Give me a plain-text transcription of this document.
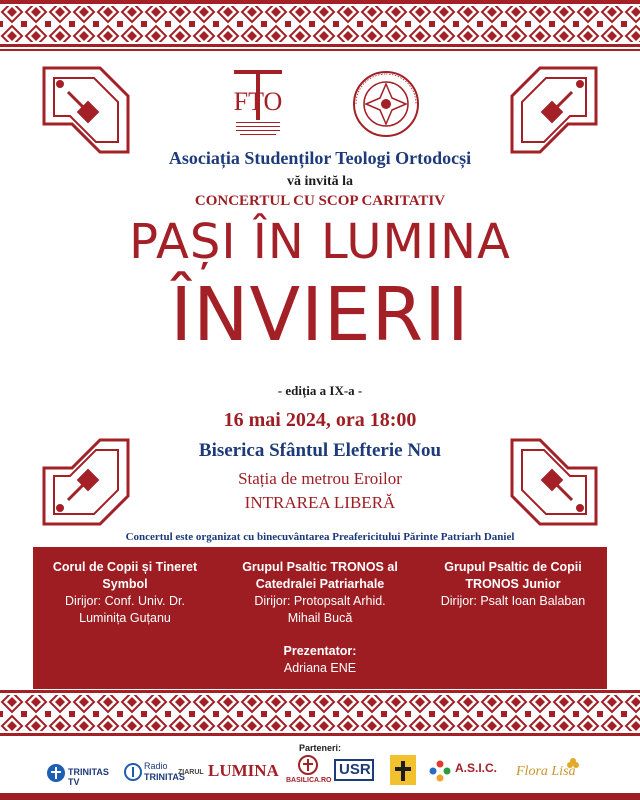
FTO
Asociația Studenților Teologi Ortodocși
vă invită la
CONCERTUL CU SCOP CARITATIV
PAȘI ÎN LUMINA
ÎNVIERII
- ediția a IX-a -
16 mai 2024, ora 18:00
Biserica Sfântul Elefterie Nou
Stația de metrou Eroilor
INTRAREA LIBERĂ
Concertul este organizat cu binecuvântarea Preafericitului Părinte Patriarh Daniel
Corul de Copii și Tineret
Symbol
Dirijor: Conf. Univ. Dr.
Luminița Guțanu
Grupul Psaltic TRONOS al
Catedralei Patriarhale
Dirijor: Protopsalt Arhid.
Mihail Bucă
Grupul Psaltic de Copii
TRONOS Junior
Dirijor: Psalt Ioan Balaban
Prezentator:
Adriana ENE
Parteneri:
TRINITAS TV
Radio
TRINITAS
ZIARUL LUMINA
BASILICA.RO
USR	A.S.I.C. Flora Lisa
